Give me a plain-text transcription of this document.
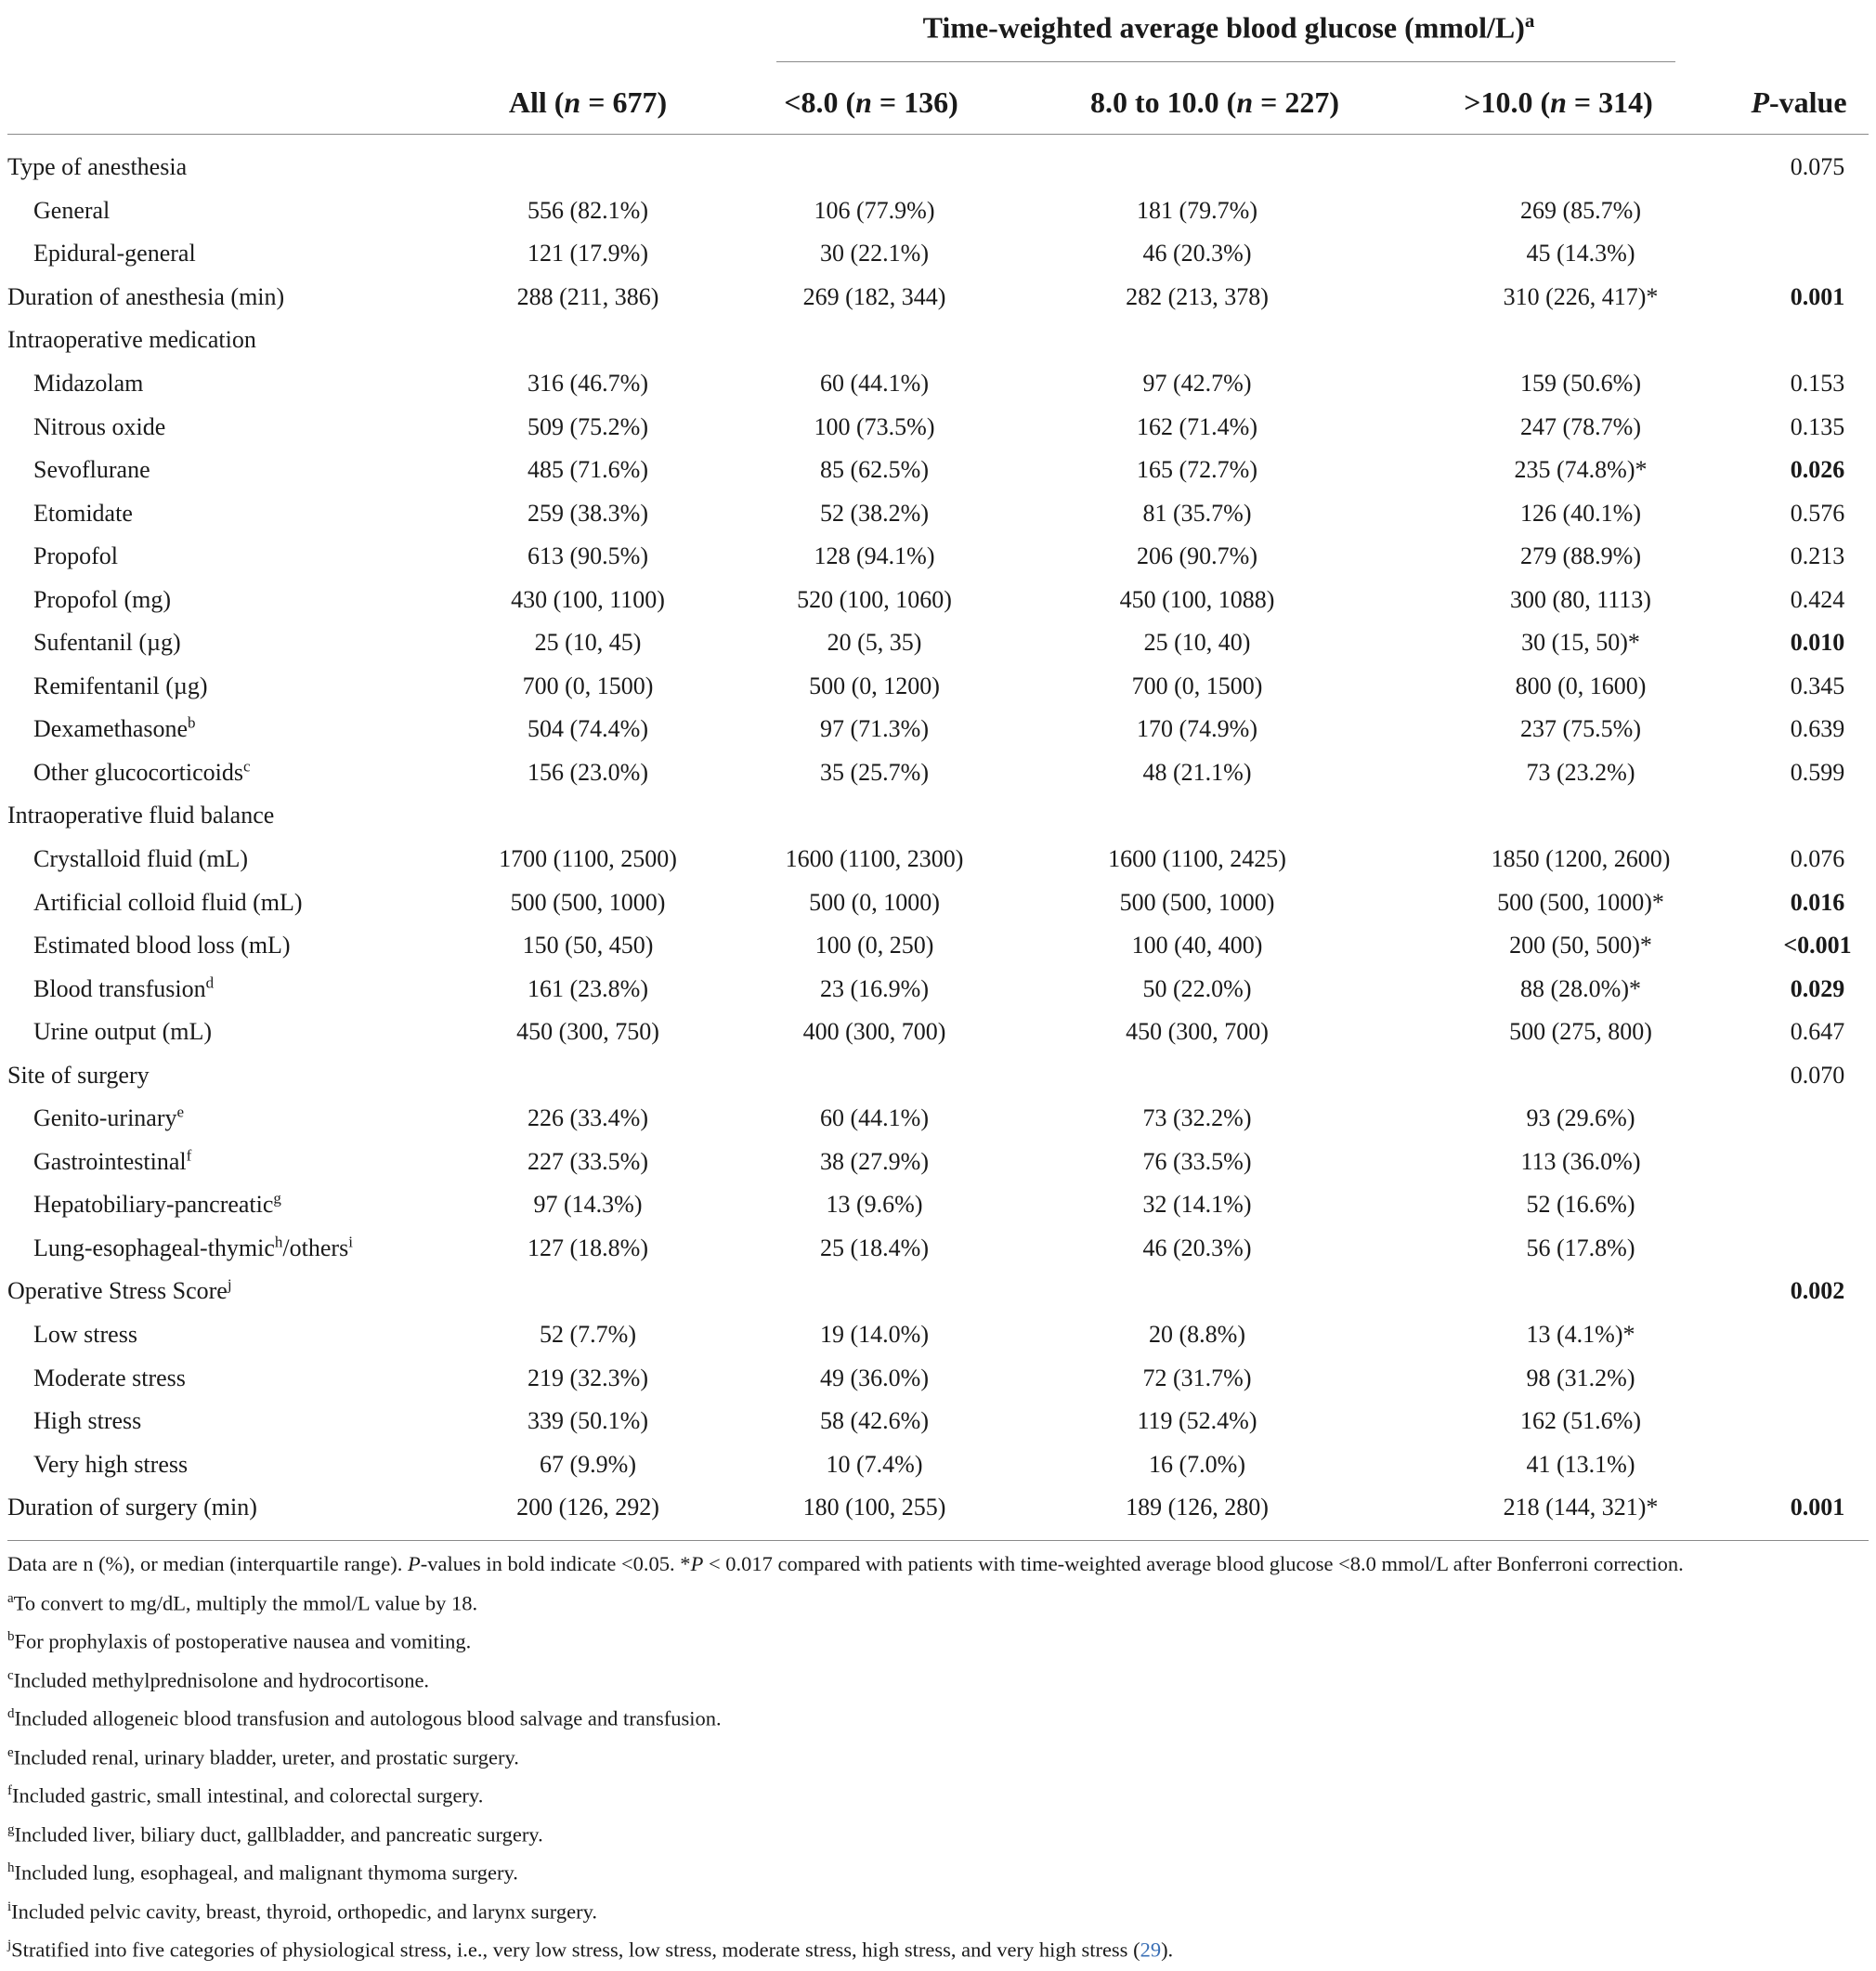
Time-weighted average blood glucose (mmol/L)$^a$
All (n = 677)	<8.0 (n = 136)	8.0 to 10.0 (n = 227)	>10.0 (n = 314)	P-value
Type of anesthesia					0.075
General	556 (82.1%)	106 (77.9%)	181 (79.7%)	269 (85.7%)	
Epidural-general	121 (17.9%)	30 (22.1%)	46 (20.3%)	45 (14.3%)	
Duration of anesthesia (min)	288 (211, 386)	269 (182, 344)	282 (213, 378)	310 (226, 417)*	0.001
Intraoperative medication					
Midazolam	316 (46.7%)	60 (44.1%)	97 (42.7%)	159 (50.6%)	0.153
Nitrous oxide	509 (75.2%)	100 (73.5%)	162 (71.4%)	247 (78.7%)	0.135
Sevoflurane	485 (71.6%)	85 (62.5%)	165 (72.7%)	235 (74.8%)*	0.026
Etomidate	259 (38.3%)	52 (38.2%)	81 (35.7%)	126 (40.1%)	0.576
Propofol	613 (90.5%)	128 (94.1%)	206 (90.7%)	279 (88.9%)	0.213
Propofol (mg)	430 (100, 1100)	520 (100, 1060)	450 (100, 1088)	300 (80, 1113)	0.424
Sufentanil (µg)	25 (10, 45)	20 (5, 35)	25 (10, 40)	30 (15, 50)*	0.010
Remifentanil (µg)	700 (0, 1500)	500 (0, 1200)	700 (0, 1500)	800 (0, 1600)	0.345
Dexamethasone$^b$	504 (74.4%)	97 (71.3%)	170 (74.9%)	237 (75.5%)	0.639
Other glucocorticoids$^c$	156 (23.0%)	35 (25.7%)	48 (21.1%)	73 (23.2%)	0.599
Intraoperative fluid balance					
Crystalloid fluid (mL)	1700 (1100, 2500)	1600 (1100, 2300)	1600 (1100, 2425)	1850 (1200, 2600)	0.076
Artificial colloid fluid (mL)	500 (500, 1000)	500 (0, 1000)	500 (500, 1000)	500 (500, 1000)*	0.016
Estimated blood loss (mL)	150 (50, 450)	100 (0, 250)	100 (40, 400)	200 (50, 500)*	<0.001
Blood transfusion$^d$	161 (23.8%)	23 (16.9%)	50 (22.0%)	88 (28.0%)*	0.029
Urine output (mL)	450 (300, 750)	400 (300, 700)	450 (300, 700)	500 (275, 800)	0.647
Site of surgery					0.070
Genito-urinary$^e$	226 (33.4%)	60 (44.1%)	73 (32.2%)	93 (29.6%)	
Gastrointestinal$^f$	227 (33.5%)	38 (27.9%)	76 (33.5%)	113 (36.0%)	
Hepatobiliary-pancreatic$^g$	97 (14.3%)	13 (9.6%)	32 (14.1%)	52 (16.6%)	
Lung-esophageal-thymic$^h$/others$^i$	127 (18.8%)	25 (18.4%)	46 (20.3%)	56 (17.8%)	
Operative Stress Score$^j$					0.002
Low stress	52 (7.7%)	19 (14.0%)	20 (8.8%)	13 (4.1%)*	
Moderate stress	219 (32.3%)	49 (36.0%)	72 (31.7%)	98 (31.2%)	
High stress	339 (50.1%)	58 (42.6%)	119 (52.4%)	162 (51.6%)	
Very high stress	67 (9.9%)	10 (7.4%)	16 (7.0%)	41 (13.1%)	
Duration of surgery (min)	200 (126, 292)	180 (100, 255)	189 (126, 280)	218 (144, 321)*	0.001

Data are n (%), or median (interquartile range). P-values in bold indicate <0.05. *P < 0.017 compared with patients with time-weighted average blood glucose <8.0 mmol/L after Bonferroni correction.

$^a$To convert to mg/dL, multiply the mmol/L value by 18.

$^b$For prophylaxis of postoperative nausea and vomiting.

$^c$Included methylprednisolone and hydrocortisone.

$^d$Included allogeneic blood transfusion and autologous blood salvage and transfusion.

$^e$Included renal, urinary bladder, ureter, and prostatic surgery.

$^f$Included gastric, small intestinal, and colorectal surgery.

$^g$Included liver, biliary duct, gallbladder, and pancreatic surgery.

$^h$Included lung, esophageal, and malignant thymoma surgery.

$^i$Included pelvic cavity, breast, thyroid, orthopedic, and larynx surgery.

$^j$Stratified into five categories of physiological stress, i.e., very low stress, low stress, moderate stress, high stress, and very high stress (29).
